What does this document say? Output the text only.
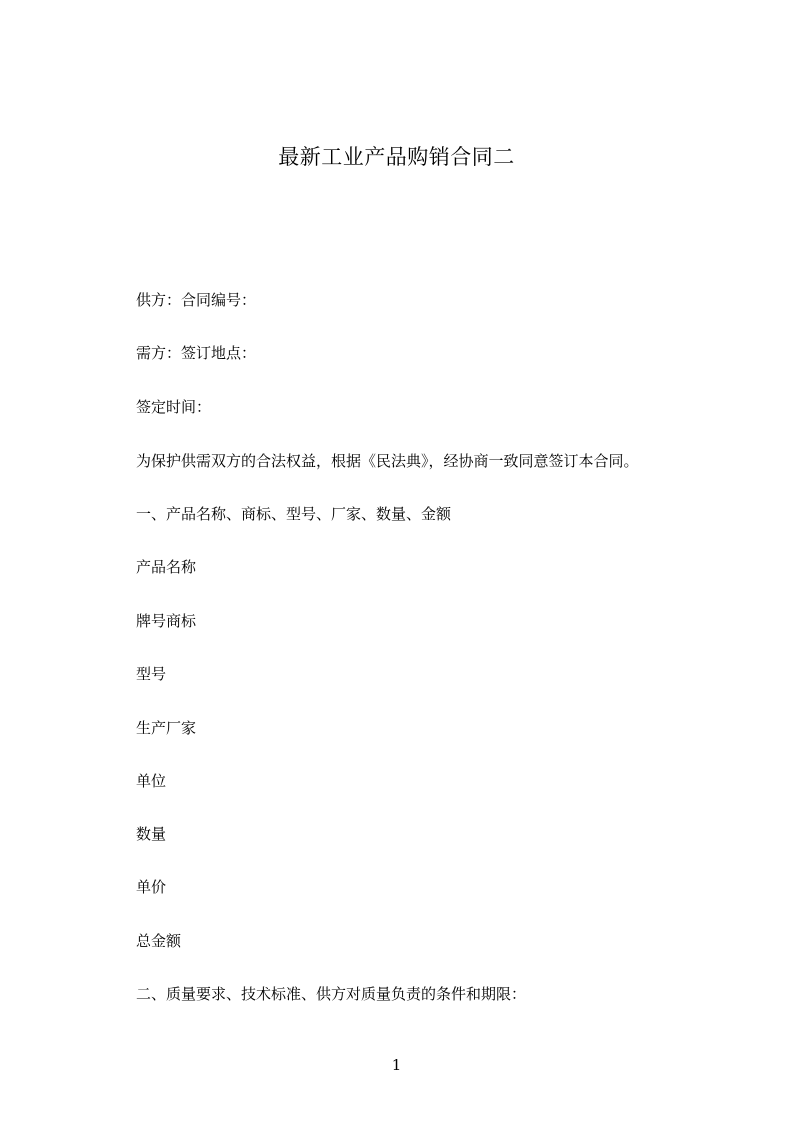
最新工业产品购销合同二
供方：合同编号：
需方：签订地点：
签定时间：
为保护供需双方的合法权益，根据《民法典》，经协商一致同意签订本合同。
一、产品名称、商标、型号、厂家、数量、金额
产品名称
牌号商标
型号
生产厂家
单位
数量
单价
总金额
二、质量要求、技术标准、供方对质量负责的条件和期限：
1
